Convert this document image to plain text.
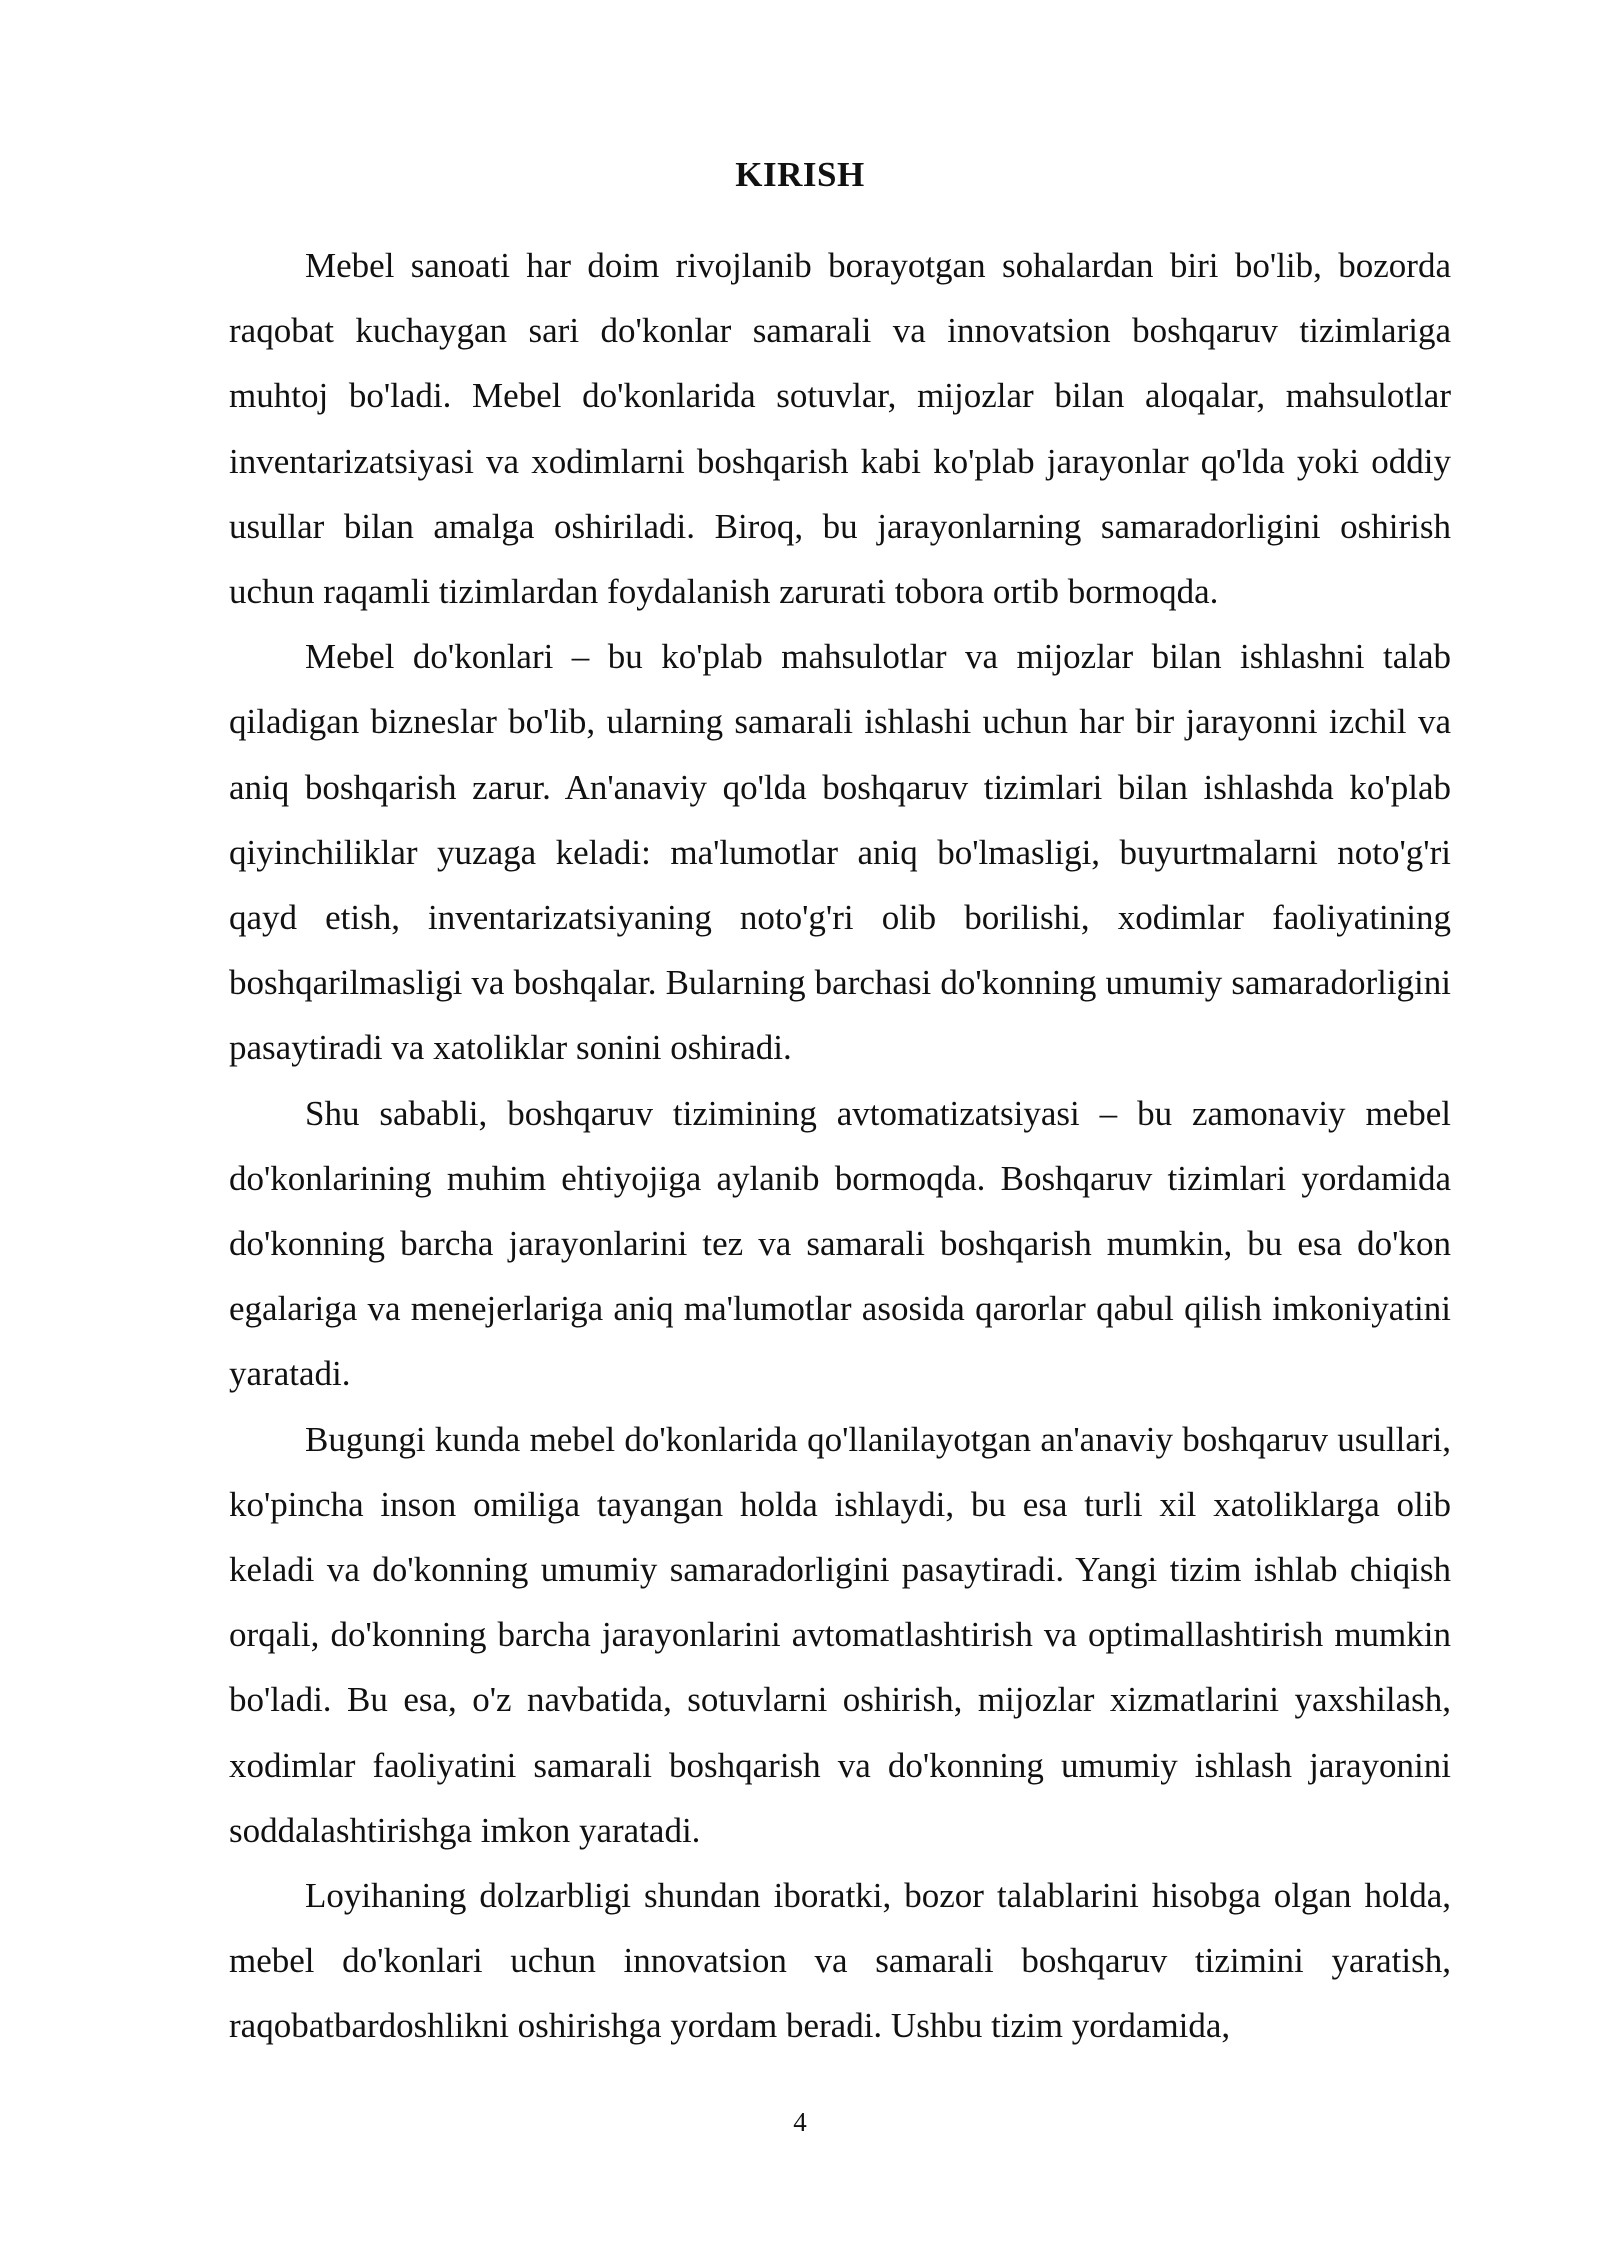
KIRISH

Mebel sanoati har doim rivojlanib borayotgan sohalardan biri bo'lib, bozorda raqobat kuchaygan sari do'konlar samarali va innovatsion boshqaruv tizimlariga muhtoj bo'ladi. Mebel do'konlarida sotuvlar, mijozlar bilan aloqalar, mahsulotlar inventarizatsiyasi va xodimlarni boshqarish kabi ko'plab jarayonlar qo'lda yoki oddiy usullar bilan amalga oshiriladi. Biroq, bu jarayonlarning samaradorligini oshirish uchun raqamli tizimlardan foydalanish zarurati tobora ortib bormoqda.

Mebel do'konlari – bu ko'plab mahsulotlar va mijozlar bilan ishlashni talab qiladigan bizneslar bo'lib, ularning samarali ishlashi uchun har bir jarayonni izchil va aniq boshqarish zarur. An'anaviy qo'lda boshqaruv tizimlari bilan ishlashda ko'plab qiyinchiliklar yuzaga keladi: ma'lumotlar aniq bo'lmasligi, buyurtmalarni noto'g'ri qayd etish, inventarizatsiyaning noto'g'ri olib borilishi, xodimlar faoliyatining boshqarilmasligi va boshqalar. Bularning barchasi do'konning umumiy samaradorligini pasaytiradi va xatoliklar sonini oshiradi.

Shu sababli, boshqaruv tizimining avtomatizatsiyasi – bu zamonaviy mebel do'konlarining muhim ehtiyojiga aylanib bormoqda. Boshqaruv tizimlari yordamida do'konning barcha jarayonlarini tez va samarali boshqarish mumkin, bu esa do'kon egalariga va menejerlariga aniq ma'lumotlar asosida qarorlar qabul qilish imkoniyatini yaratadi.

Bugungi kunda mebel do'konlarida qo'llanilayotgan an'anaviy boshqaruv usullari, ko'pincha inson omiliga tayangan holda ishlaydi, bu esa turli xil xatoliklarga olib keladi va do'konning umumiy samaradorligini pasaytiradi. Yangi tizim ishlab chiqish orqali, do'konning barcha jarayonlarini avtomatlashtirish va optimallashtirish mumkin bo'ladi. Bu esa, o'z navbatida, sotuvlarni oshirish, mijozlar xizmatlarini yaxshilash, xodimlar faoliyatini samarali boshqarish va do'konning umumiy ishlash jarayonini soddalashtirishga imkon yaratadi.

Loyihaning dolzarbligi shundan iboratki, bozor talablarini hisobga olgan holda, mebel do'konlari uchun innovatsion va samarali boshqaruv tizimini yaratish, raqobatbardoshlikni oshirishga yordam beradi. Ushbu tizim yordamida,

4
